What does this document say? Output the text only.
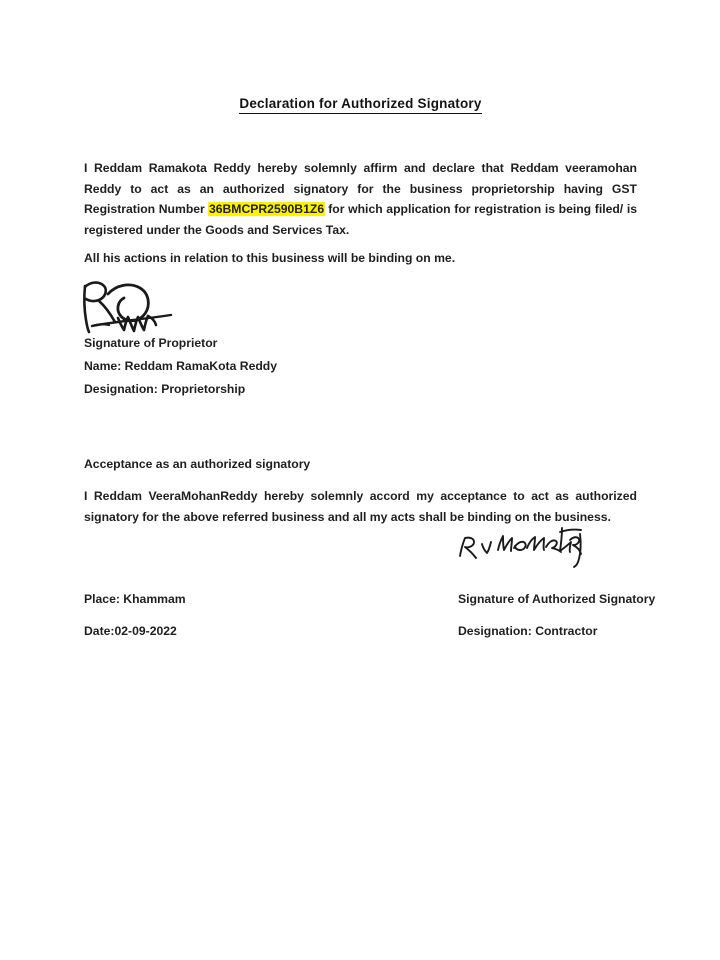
Declaration for Authorized Signatory

I Reddam Ramakota Reddy hereby solemnly affirm and declare that Reddam veeramohan Reddy to act as an authorized signatory for the business proprietorship having GST Registration Number 36BMCPR2590B1Z6 for which application for registration is being filed/ is registered under the Goods and Services Tax.

All his actions in relation to this business will be binding on me.

Signature of Proprietor
Name: Reddam RamaKota Reddy
Designation: Proprietorship

Acceptance as an authorized signatory

I Reddam VeeraMohanReddy hereby solemnly accord my acceptance to act as authorized signatory for the above referred business and all my acts shall be binding on the business.

Place: Khammam	Signature of Authorized Signatory
Date:02-09-2022	Designation: Contractor
